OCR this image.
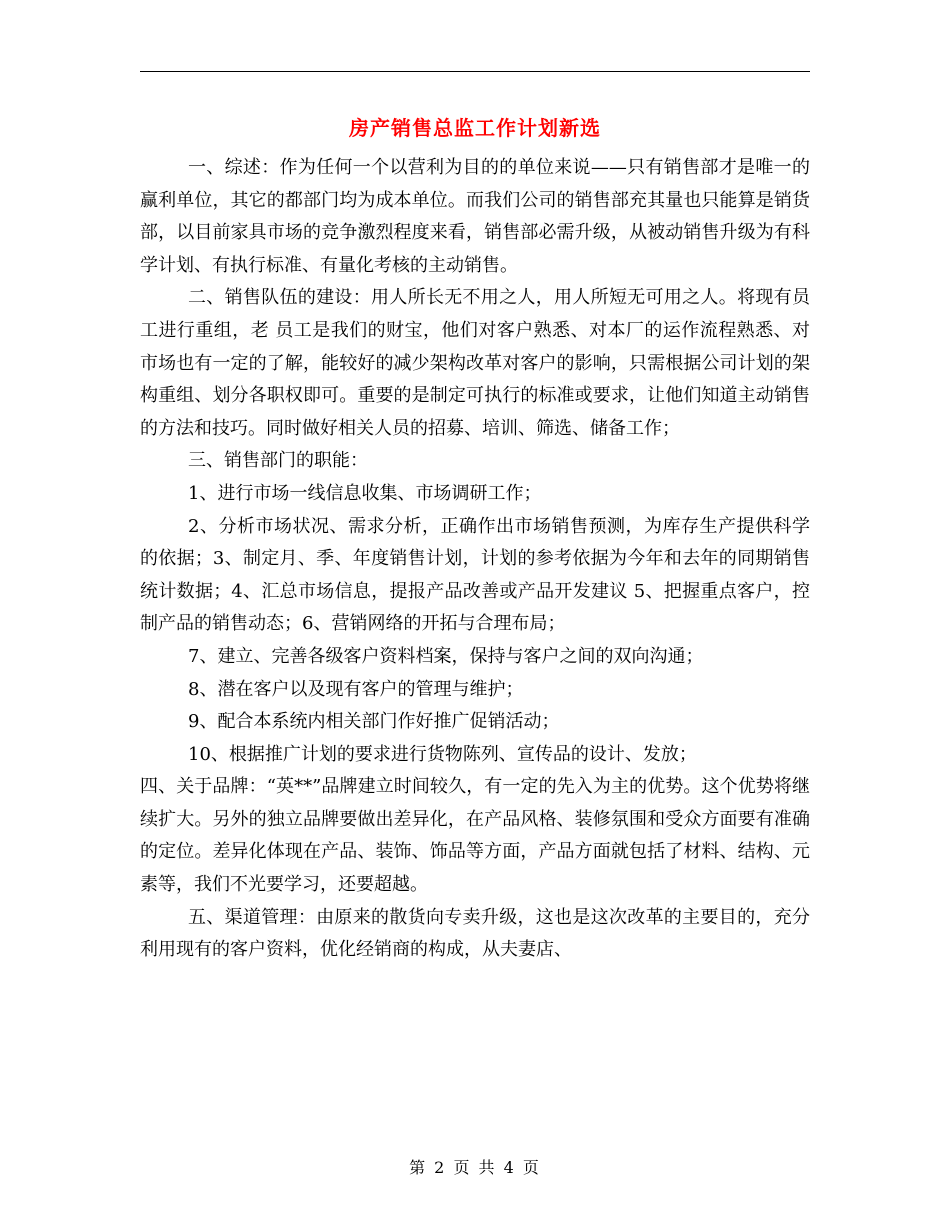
房产销售总监工作计划新选

一、综述：作为任何一个以营利为目的的单位来说——只有销售部才是唯一的赢利单位，其它的都部门均为成本单位。而我们公司的销售部充其量也只能算是销货部，以目前家具市场的竞争激烈程度来看，销售部必需升级，从被动销售升级为有科学计划、有执行标准、有量化考核的主动销售。

二、销售队伍的建设：用人所长无不用之人，用人所短无可用之人。将现有员工进行重组，老 员工是我们的财宝，他们对客户熟悉、对本厂的运作流程熟悉、对市场也有一定的了解，能较好的减少架构改革对客户的影响，只需根据公司计划的架构重组、划分各职权即可。重要的是制定可执行的标准或要求，让他们知道主动销售的方法和技巧。同时做好相关人员的招募、培训、筛选、储备工作；

三、销售部门的职能：

1、进行市场一线信息收集、市场调研工作；

2、分析市场状况、需求分析，正确作出市场销售预测，为库存生产提供科学的依据；3、制定月、季、年度销售计划，计划的参考依据为今年和去年的同期销售统计数据；4、汇总市场信息，提报产品改善或产品开发建议 5、把握重点客户，控制产品的销售动态；6、营销网络的开拓与合理布局；

7、建立、完善各级客户资料档案，保持与客户之间的双向沟通；

8、潜在客户以及现有客户的管理与维护；

9、配合本系统内相关部门作好推广促销活动；

10、根据推广计划的要求进行货物陈列、宣传品的设计、发放；

四、关于品牌：“英**”品牌建立时间较久，有一定的先入为主的优势。这个优势将继续扩大。另外的独立品牌要做出差异化，在产品风格、装修氛围和受众方面要有准确的定位。差异化体现在产品、装饰、饰品等方面，产品方面就包括了材料、结构、元素等，我们不光要学习，还要超越。

五、渠道管理：由原来的散货向专卖升级，这也是这次改革的主要目的，充分利用现有的客户资料，优化经销商的构成，从夫妻店、

第 2 页 共 4 页
